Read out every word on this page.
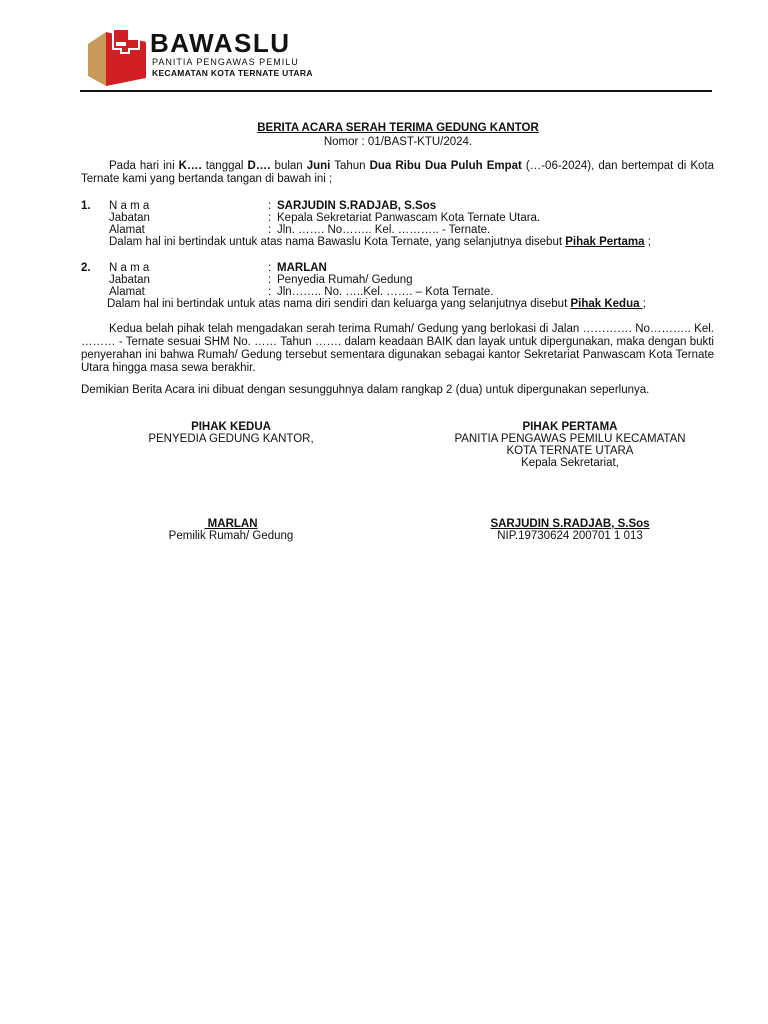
BAWASLU
PANITIA PENGAWAS PEMILU
KECAMATAN KOTA TERNATE UTARA
BERITA ACARA SERAH TERIMA GEDUNG KANTOR
Nomor : 01/BAST-KTU/2024.
Pada hari ini K…. tanggal D…. bulan Juni Tahun Dua Ribu Dua Puluh Empat (…-06-2024), dan bertempat di Kota Ternate kami yang bertanda tangan di bawah ini ;
1. N a m a	: SARJUDIN S.RADJAB, S.Sos
Jabatan	: Kepala Sekretariat Panwascam Kota Ternate Utara.
Alamat	: Jln. ……. No…….. Kel. ……….. - Ternate.
Dalam hal ini bertindak untuk atas nama Bawaslu Kota Ternate, yang selanjutnya disebut Pihak Pertama ;
2. N a m a	: MARLAN
Jabatan	: Penyedia Rumah/ Gedung
Alamat	: Jln…….. No. …..Kel. ……. – Kota Ternate.
Dalam hal ini bertindak untuk atas nama diri sendiri dan keluarga yang selanjutnya disebut Pihak Kedua ;
Kedua belah pihak telah mengadakan serah terima Rumah/ Gedung yang berlokasi di Jalan …………. No……….. Kel. ……… - Ternate sesuai SHM No. …… Tahun ……. dalam keadaan BAIK dan layak untuk dipergunakan, maka dengan bukti penyerahan ini bahwa Rumah/ Gedung tersebut sementara digunakan sebagai kantor Sekretariat Panwascam Kota Ternate Utara hingga masa sewa berakhir.
Demikian Berita Acara ini dibuat dengan sesungguhnya dalam rangkap 2 (dua) untuk dipergunakan seperlunya.
PIHAK KEDUA
PENYEDIA GEDUNG KANTOR,
PIHAK PERTAMA
PANITIA PENGAWAS PEMILU KECAMATAN
KOTA TERNATE UTARA
Kepala Sekretariat,
MARLAN
Pemilik Rumah/ Gedung
SARJUDIN S.RADJAB, S.Sos
NIP.19730624 200701 1 013
